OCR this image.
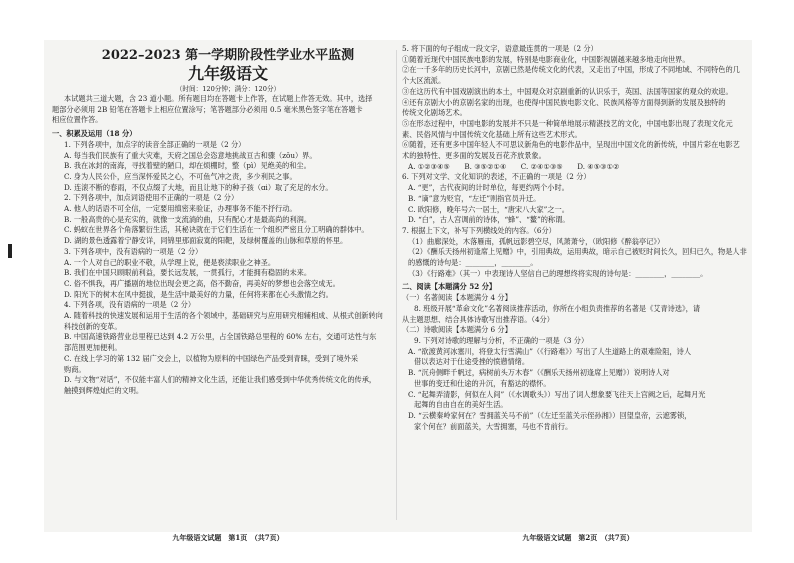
2022–2023 第一学期阶段性学业水平监测

九年级语文

（时间：120分钟；满分：120分）

本试题共三道大题，含 23 道小题。所有题目均在答题卡上作答，在试题上作答无效。其中，选择

题部分必须用 2B 铅笔在答题卡上相应位置涂写；笔答题部分必须用 0.5 毫米黑色签字笔在答题卡

相应位置作答。

一、积累及运用（18 分）

1. 下列各项中，加点字的读音全部正确的一项是（2 分）

A. 每当我们民族有了重大灾难，天府之国总会恣意地挑战亘古和骤（zǒu）界。

B. 我在冰封的南海，寻找着壁的陋口，却在烦棚时，整（pì）见绝美的和尘。

C. 身为人民公仆，应当深怀爱民之心，不可鱼气冲之责，多少利民之事。

D. 连滚不断的春雨，不仅点缀了大地，而且让地下的种子孩（ɑi）取了充足的水分。

2. 下列各项中，加点词语使用不正确的一项是（2 分）

A. 他人的话语不可全信，一定要用缜密来验证，办理事务不能不抒行动。

B. 一般高贵的心是充实的，就像一支流淌的曲，只有配心才是最高尚的利润。

C. 蚂蚁在世界各个角落繁衍生活，其秘诀就在于它们生活在一个组织严密且分工明确的群体中。

D. 湖的景色透露着宁静安详，同锦里那面寂寞的阳靶，及绿树覆盖的山脉和草原的怀里。

3. 下列各项中，没有语病的一项是（2 分）

A. 一个人对自己的职业不敬，从学理上说，便是亵渎职业之神圣。

B. 我们在中国只顾眼前利益，要长远发展，一贯孤行，才能拥有稳固的未来。

C. 俗不惧我，再广播剧的地位出现会更之高，俗不勤奋，再美好的梦想也会落空成无。

D. 阳光下的树木在风中挺拔，是生活中最美好的力量，任何将来都在心头激情之约。

4. 下列各项，没有语病的一项是（2 分）

A. 随着科技的快速发展和运用于生活的各个领域中，基础研究与应用研究相辅相成、从根式创新转向

科技创新的变革。

B. 中国高速铁路营业总里程已达到 4.2 万公里，占全国铁路总里程的 60% 左右，交通可达性与东

部范围更加便利。

C. 在线上学习的第 132 届广交会上，以植物为原料的中国绿色产品受到青睐，受到了境外采

购商。

D. 与文物“对话”，不仅能丰富人们的精神文化生活，还能让我们感受到中华优秀传统文化的传承，

触摸到辉煌灿烂的文明。

九年级语文试题　第1页　（共7页）

5. 将下面的句子组成一段文字，语意最连贯的一项是（2 分）

①随着近现代中国民族电影的发展，特别是电影商业化，中国影视剧越来越多地走向世界。

②在一千多年的历史长河中，京剧已然是传统文化的代表，又走出了中国，形成了不同地域、不同特色的几

个大区流派。

③在这历代有中国戏剧演出的本土，中国观众对京剧重新的认识乐于，英国、法国等国家的观众的欢迎。

④还有京剧大小的京剧名家的出现，也使得中国民族电影文化、民族风格等方面得到新的发展及独特的

传统文化剧场艺术。

⑤在形态过程中，中国电影的发展并不只是一种简单地展示精湛技艺的文化，中国电影出现了表现文化元

素、民俗风情与中国传统文化基础上所有这些艺术形式。

⑥随着，还有更多中国年轻人不可思议新角色的电影作品中，呈现出中国文化的新传统，中国片彩在电影艺

术的独特性、更多面的发展及百花齐放景象。

A. ①②③④⑤　　B. ③⑤②①④　　C. ②④①③⑤　　D. ④⑤③①②

6. 下列对文学、文化知识的表述，不正确的一项是（2 分）

A. “更”，古代夜间的计时单位，每更约两个小时。

B. “谪”意为贬官，“左迁”则指官员升迁。

C. 欧阳修，晚年号六一居士，“唐宋八大家”之一。

D. “白”，古人宫调前的诗体，“蜂”、“鳌”的称谓。

7. 根据上下文，补写下列横线处的内容。（6分）

（1）曲廊深处，木落雁南，孤帆远影碧空尽，风萧萧兮，（欧阳修《醉翁亭记》）

（2）《酬乐天扬州初逢席上见赠》中，引用典故，运用典故，暗示自己被贬时间长久，回归已久，物是人非

的感慨的诗句是：________，________。

（3）《行路难》（其一）中表现诗人坚信自己的理想终将实现的诗句是：________，________。

二、阅读【本题满分 52 分】

（一）名著阅读【本题满分 4 分】

8. 班级开展“革命文化”名著阅读推荐活动，你所在小组负责推荐的名著是《艾青诗选》，请

从主题思想、结合具体诗歌写出推荐语。（4分）

（二）诗歌阅读【本题满分 6 分】

9. 下列对诗歌的理解与分析，不正确的一项是（3 分）

A. “欲渡黄河冰塞川，将登太行雪满山”（《行路难》）写出了人生道路上的艰难险阻，诗人

借以表达对于仕途受挫的愤懑情绪。

B. “沉舟侧畔千帆过，病树前头万木春”（《酬乐天扬州初逢席上见赠》）说明诗人对

世事的变迁和仕途的升沉，有豁达的襟怀。

C. “起舞弄清影，何似在人间”（《水调歌头》）写出了词人想象要飞往天上宫阙之后，起舞月光

起舞的自由自在的美好生活。

D. “云横秦岭家何在？雪拥蓝关马不前”（《左迁至蓝关示侄孙湘》）回望皇帝，云遮雾锁，

家个何在？前面蓝关，大雪拥塞，马也不肯前行。

九年级语文试题　第2页　（共7页）
